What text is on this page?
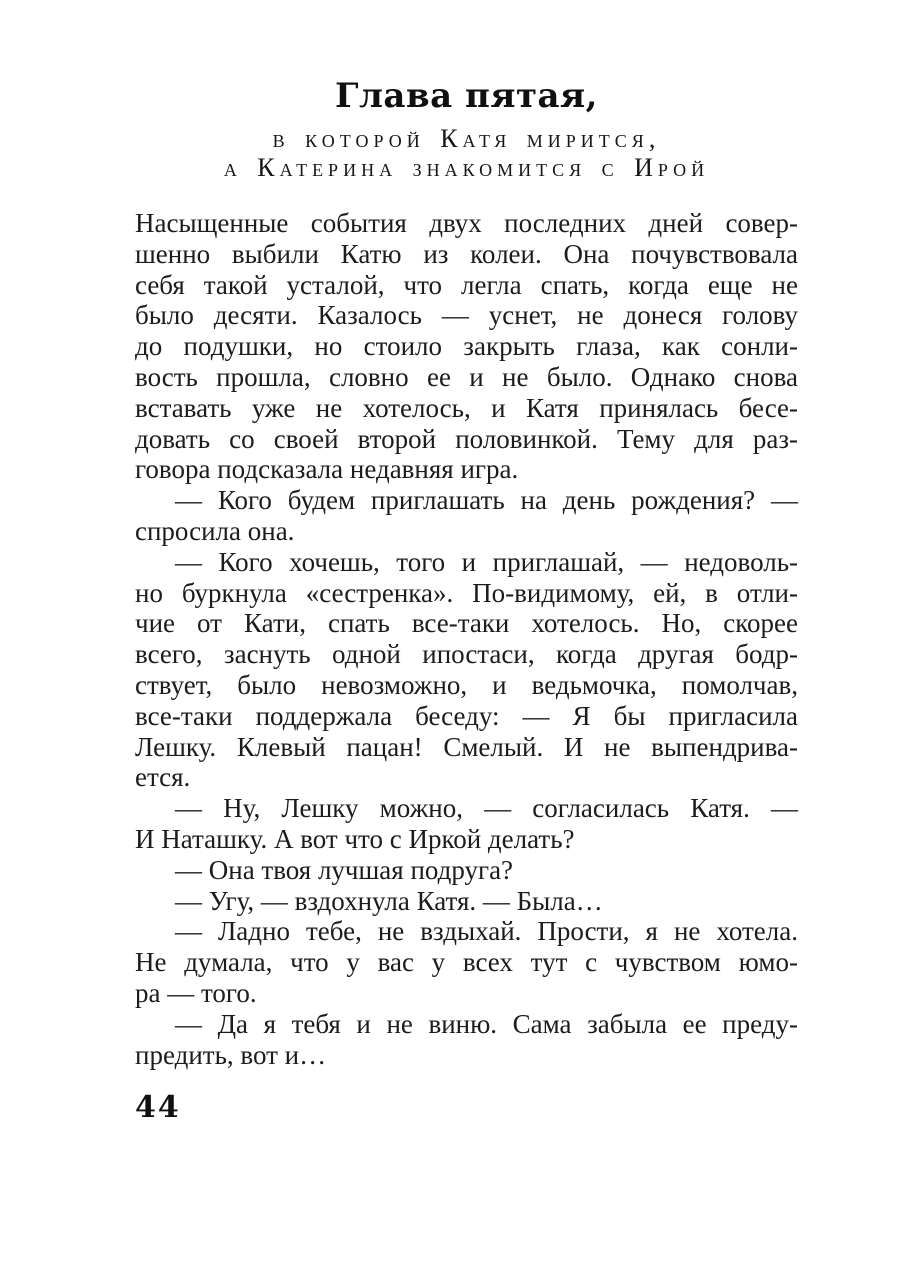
Глава пятая,
в которой Катя мирится,
а Катерина знакомится с Ирой
Насыщенные события двух последних дней совер-
шенно выбили Катю из колеи. Она почувствовала
себя такой усталой, что легла спать, когда еще не
было десяти. Казалось — уснет, не донеся голову
до подушки, но стоило закрыть глаза, как сонли-
вость прошла, словно ее и не было. Однако снова
вставать уже не хотелось, и Катя принялась бесе-
довать со своей второй половинкой. Тему для раз-
говора подсказала недавняя игра.
— Кого будем приглашать на день рождения? —
спросила она.
— Кого хочешь, того и приглашай, — недоволь-
но буркнула «сестренка». По-видимому, ей, в отли-
чие от Кати, спать все-таки хотелось. Но, скорее
всего, заснуть одной ипостаси, когда другая бодр-
ствует, было невозможно, и ведьмочка, помолчав,
все-таки поддержала беседу: — Я бы пригласила
Лешку. Клевый пацан! Смелый. И не выпендрива-
ется.
— Ну, Лешку можно, — согласилась Катя. —
И Наташку. А вот что с Иркой делать?
— Она твоя лучшая подруга?
— Угу, — вздохнула Катя. — Была…
— Ладно тебе, не вздыхай. Прости, я не хотела.
Не думала, что у вас у всех тут с чувством юмо-
ра — того.
— Да я тебя и не виню. Сама забыла ее преду-
предить, вот и…
44
